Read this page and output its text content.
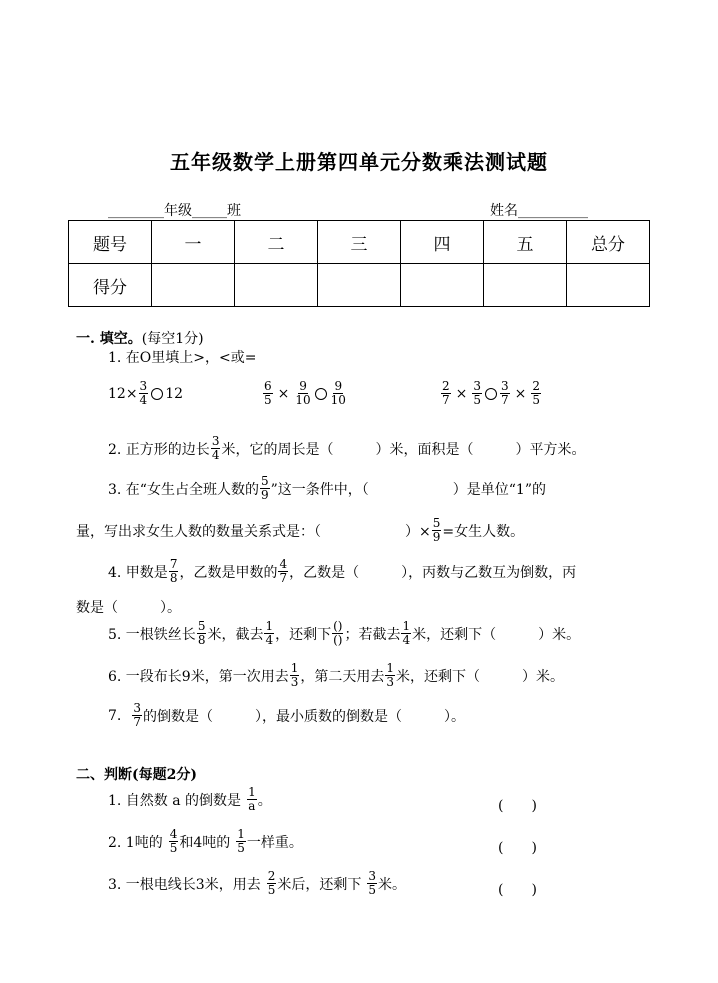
五年级数学上册第四单元分数乘法测试题
________年级_____班	姓名__________
题号	一	二	三	四	五	总分
得分						
一. 填空。(每空1分)
1. 在O里填上>，<或=
$12\times \frac{3}{4} 12$	$\frac{6}{5} \times \frac{9}{10} \frac{9}{10}$	$\frac{2}{7} \times \frac{3}{5} \frac{3}{7} \times \frac{2}{5}$
2. 正方形的边长 $\frac{3}{4}$ 米，它的周长是（　　　）米，面积是（　　　）平方米。
3. 在“女生占全班人数的 $\frac{5}{9}$ ”这一条件中，（　　　　　　）是单位“1”的
量，写出求女生人数的数量关系式是：（　　　　　　）× $\frac{5}{9}$ =女生人数。
4. 甲数是 $\frac{7}{8}$ ，乙数是甲数的 $\frac{4}{7}$ ，乙数是（　　　），丙数与乙数互为倒数，丙
数是（　　　）。
5. 一根铁丝长 $\frac{5}{8}$ 米，截去 $\frac{1}{4}$ ，还剩下 $\frac{()}{()}$ ；若截去 $\frac{1}{4}$ 米，还剩下（　　　）米。
6. 一段布长9米，第一次用去 $\frac{1}{3}$ ，第二天用去 $\frac{1}{3}$ 米，还剩下（　　　）米。
7. $\frac{3}{7}$ 的倒数是（　　　），最小质数的倒数是（　　　）。
二、判断(每题2分)
1. 自然数 a 的倒数是 $\frac{1}{a}$ 。	(　　)
2. 1吨的 $\frac{4}{5}$ 和4吨的 $\frac{1}{5}$ 一样重。	(　　)
3. 一根电线长3米，用去 $\frac{2}{5}$ 米后，还剩下 $\frac{3}{5}$ 米。	(　　)
